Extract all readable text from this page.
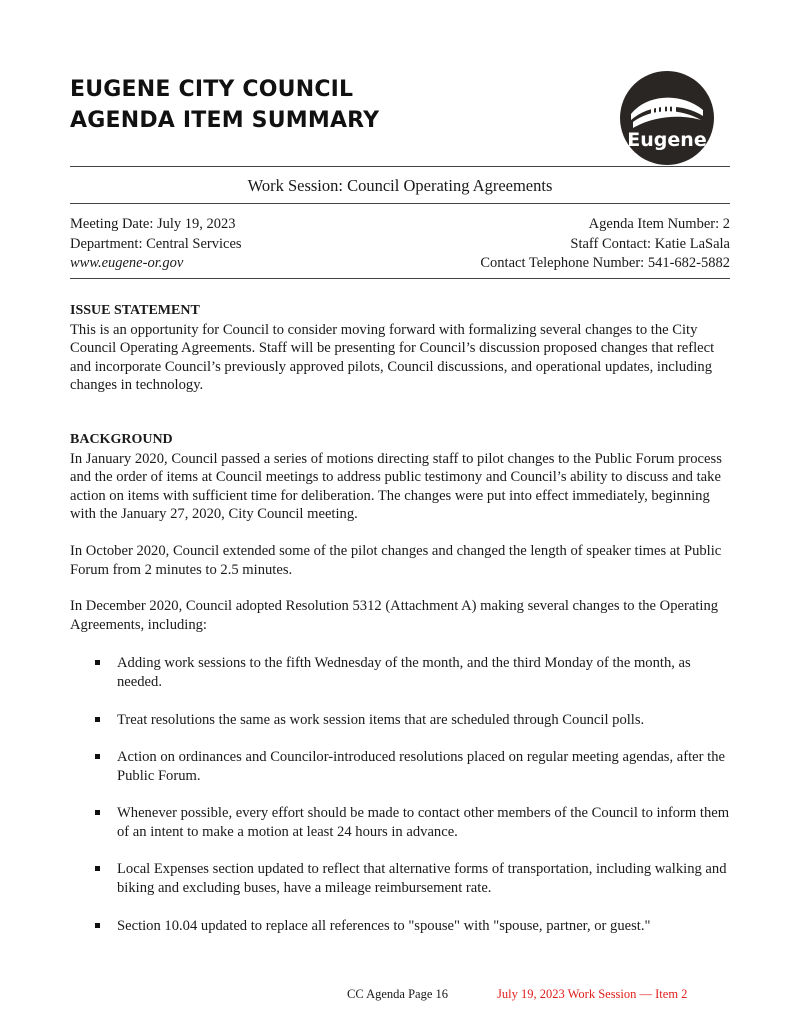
EUGENE CITY COUNCIL
AGENDA ITEM SUMMARY
Eugene
Work Session: Council Operating Agreements
Meeting Date: July 19, 2023
Department: Central Services
www.eugene-or.gov
Agenda Item Number: 2
Staff Contact: Katie LaSala
Contact Telephone Number: 541-682-5882
ISSUE STATEMENT

This is an opportunity for Council to consider moving forward with formalizing several changes to the City Council Operating Agreements. Staff will be presenting for Council’s discussion proposed changes that reflect and incorporate Council’s previously approved pilots, Council discussions, and operational updates, including changes in technology.

BACKGROUND

In January 2020, Council passed a series of motions directing staff to pilot changes to the Public Forum process and the order of items at Council meetings to address public testimony and Council’s ability to discuss and take action on items with sufficient time for deliberation. The changes were put into effect immediately, beginning with the January 27, 2020, City Council meeting.

In October 2020, Council extended some of the pilot changes and changed the length of speaker times at Public Forum from 2 minutes to 2.5 minutes.

In December 2020, Council adopted Resolution 5312 (Attachment A) making several changes to the Operating Agreements, including:

Adding work sessions to the fifth Wednesday of the month, and the third Monday of the month, as needed.
Treat resolutions the same as work session items that are scheduled through Council polls.
Action on ordinances and Councilor-introduced resolutions placed on regular meeting agendas, after the Public Forum.
Whenever possible, every effort should be made to contact other members of the Council to inform them of an intent to make a motion at least 24 hours in advance.
Local Expenses section updated to reflect that alternative forms of transportation, including walking and biking and excluding buses, have a mileage reimbursement rate.
Section 10.04 updated to replace all references to "spouse" with "spouse, partner, or guest."
CC Agenda Page 16	July 19, 2023 Work Session — Item 2
